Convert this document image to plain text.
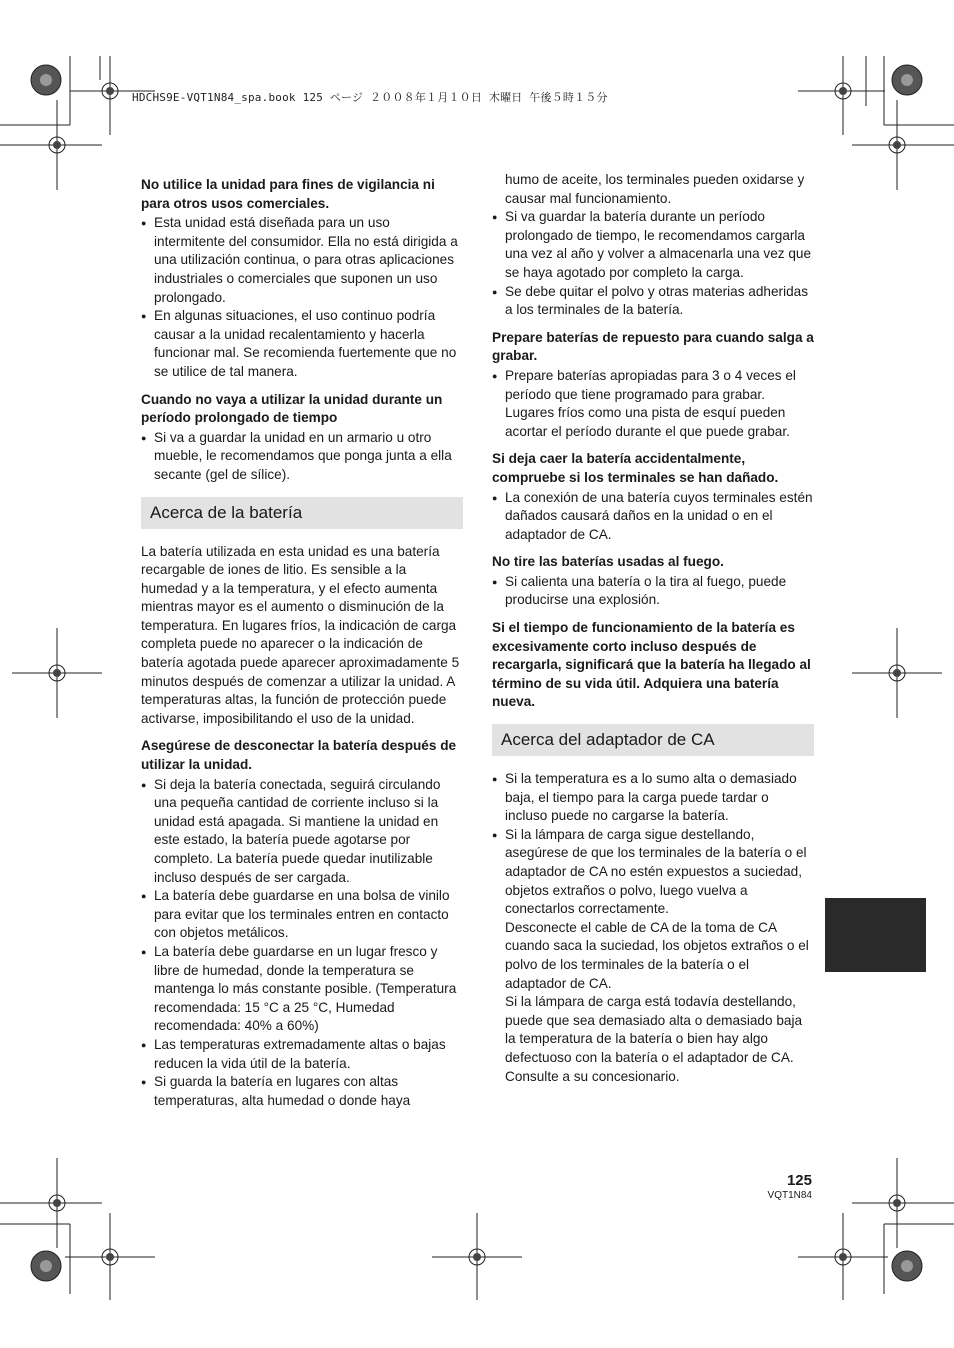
HDCHS9E-VQT1N84_spa.book 125 ページ ２００８年１月１０日 木曜日 午後５時１５分

No utilice la unidad para fines de vigilancia ni para otros usos comerciales.

● Esta unidad está diseñada para un uso intermitente del consumidor. Ella no está dirigida a una utilización continua, o para otras aplicaciones industriales o comerciales que suponen un uso prolongado.
● En algunas situaciones, el uso continuo podría causar a la unidad recalentamiento y hacerla funcionar mal. Se recomienda fuertemente que no se utilice de tal manera.

Cuando no vaya a utilizar la unidad durante un período prolongado de tiempo

● Si va a guardar la unidad en un armario u otro mueble, le recomendamos que ponga junta a ella secante (gel de sílice).
Acerca de la batería

La batería utilizada en esta unidad es una batería recargable de iones de litio. Es sensible a la humedad y a la temperatura, y el efecto aumenta mientras mayor es el aumento o disminución de la temperatura. En lugares fríos, la indicación de carga completa puede no aparecer o la indicación de batería agotada puede aparecer aproximadamente 5 minutos después de comenzar a utilizar la unidad. A temperaturas altas, la función de protección puede activarse, imposibilitando el uso de la unidad.

Asegúrese de desconectar la batería después de utilizar la unidad.

● Si deja la batería conectada, seguirá circulando una pequeña cantidad de corriente incluso si la unidad está apagada. Si mantiene la unidad en este estado, la batería puede agotarse por completo. La batería puede quedar inutilizable incluso después de ser cargada.
● La batería debe guardarse en una bolsa de vinilo para evitar que los terminales entren en contacto con objetos metálicos.
● La batería debe guardarse en un lugar fresco y libre de humedad, donde la temperatura se mantenga lo más constante posible. (Temperatura recomendada: 15 °C a 25 °C, Humedad recomendada: 40% a 60%)
● Las temperaturas extremadamente altas o bajas reducen la vida útil de la batería.
● Si guarda la batería en lugares con altas temperaturas, alta humedad o donde haya

humo de aceite, los terminales pueden oxidarse y causar mal funcionamiento.

● Si va guardar la batería durante un período prolongado de tiempo, le recomendamos cargarla una vez al año y volver a almacenarla una vez que se haya agotado por completo la carga.
● Se debe quitar el polvo y otras materias adheridas a los terminales de la batería.

Prepare baterías de repuesto para cuando salga a grabar.

● Prepare baterías apropiadas para 3 o 4 veces el período que tiene programado para grabar. Lugares fríos como una pista de esquí pueden acortar el período durante el que puede grabar.

Si deja caer la batería accidentalmente, compruebe si los terminales se han dañado.

● La conexión de una batería cuyos terminales estén dañados causará daños en la unidad o en el adaptador de CA.

No tire las baterías usadas al fuego.

● Si calienta una batería o la tira al fuego, puede producirse una explosión.

Si el tiempo de funcionamiento de la batería es excesivamente corto incluso después de recargarla, significará que la batería ha llegado al término de su vida útil. Adquiera una batería nueva.

Acerca del adaptador de CA
● Si la temperatura es a lo sumo alta o demasiado baja, el tiempo para la carga puede tardar o incluso puede no cargarse la batería.
● Si la lámpara de carga sigue destellando, asegúrese de que los terminales de la batería o el adaptador de CA no estén expuestos a suciedad, objetos extraños o polvo, luego vuelva a conectarlos correctamente.
Desconecte el cable de CA de la toma de CA cuando saca la suciedad, los objetos extraños o el polvo de los terminales de la batería o el adaptador de CA.
Si la lámpara de carga está todavía destellando, puede que sea demasiado alta o demasiado baja la temperatura de la batería o bien hay algo defectuoso con la batería o el adaptador de CA. Consulte a su concesionario.
125
VQT1N84
